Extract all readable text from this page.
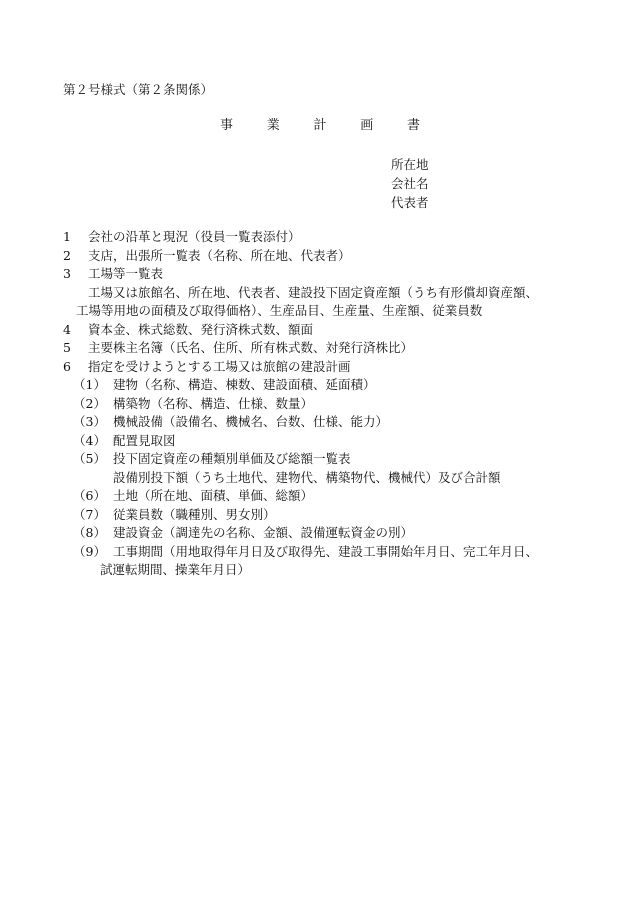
第２号様式（第２条関係）
事	業	計	画	書
所在地
会社名
代表者
1 会社の沿革と現況（役員一覧表添付）
2 支店，出張所一覧表（名称、所在地、代表者）
3 工場等一覧表
工場又は旅館名、所在地、代表者、建設投下固定資産額（うち有形償却資産額、
工場等用地の面積及び取得価格）、生産品目、生産量、生産額、従業員数
4 資本金、株式総数、発行済株式数、額面
5 主要株主名簿（氏名、住所、所有株式数、対発行済株比）
6 指定を受けようとする工場又は旅館の建設計画
（1） 建物（名称、構造、棟数、建設面積、延面積）
（2） 構築物（名称、構造、仕様、数量）
（3） 機械設備（設備名、機械名、台数、仕様、能力）
（4） 配置見取図
（5） 投下固定資産の種類別単価及び総額一覧表
設備別投下額（うち土地代、建物代、構築物代、機械代）及び合計額
（6） 土地（所在地、面積、単価、総額）
（7） 従業員数（職種別、男女別）
（8） 建設資金（調達先の名称、金額、設備運転資金の別）
（9） 工事期間（用地取得年月日及び取得先、建設工事開始年月日、完工年月日、
試運転期間、操業年月日）
